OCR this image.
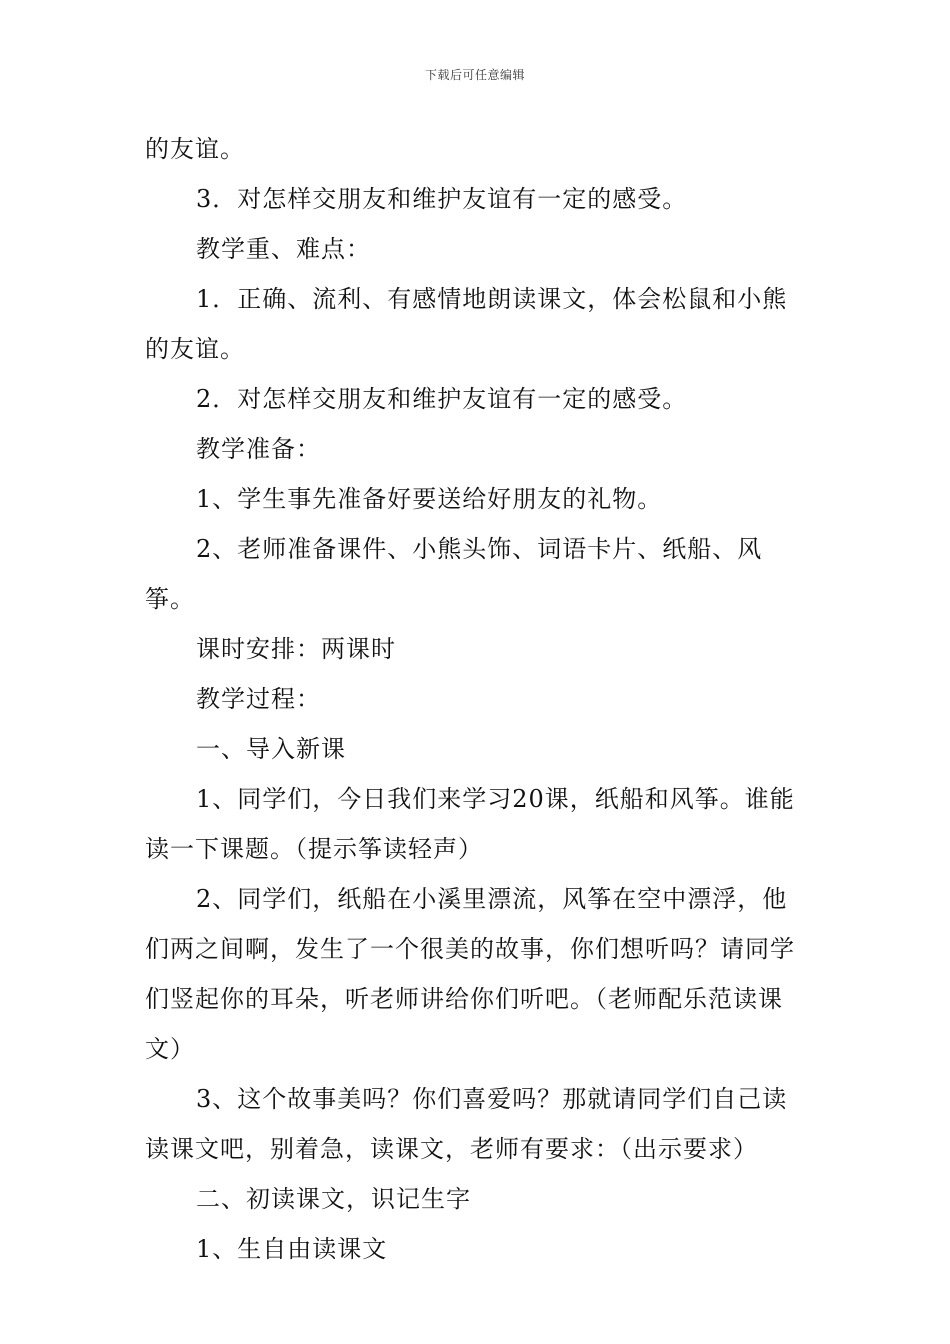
下载后可任意编辑

的友谊。

3．对怎样交朋友和维护友谊有一定的感受。

教学重、难点：

1．正确、流利、有感情地朗读课文，体会松鼠和小熊的友谊。

2．对怎样交朋友和维护友谊有一定的感受。

教学准备：

1、学生事先准备好要送给好朋友的礼物。

2、老师准备课件、小熊头饰、词语卡片、纸船、风筝。

课时安排：两课时

教学过程：

一、导入新课

1、同学们，今日我们来学习20课，纸船和风筝。谁能读一下课题。（提示筝读轻声）

2、同学们，纸船在小溪里漂流，风筝在空中漂浮，他们两之间啊，发生了一个很美的故事，你们想听吗？请同学们竖起你的耳朵，听老师讲给你们听吧。（老师配乐范读课文）

3、这个故事美吗？你们喜爱吗？那就请同学们自己读读课文吧，别着急，读课文，老师有要求：（出示要求）

二、初读课文，识记生字

1、生自由读课文
